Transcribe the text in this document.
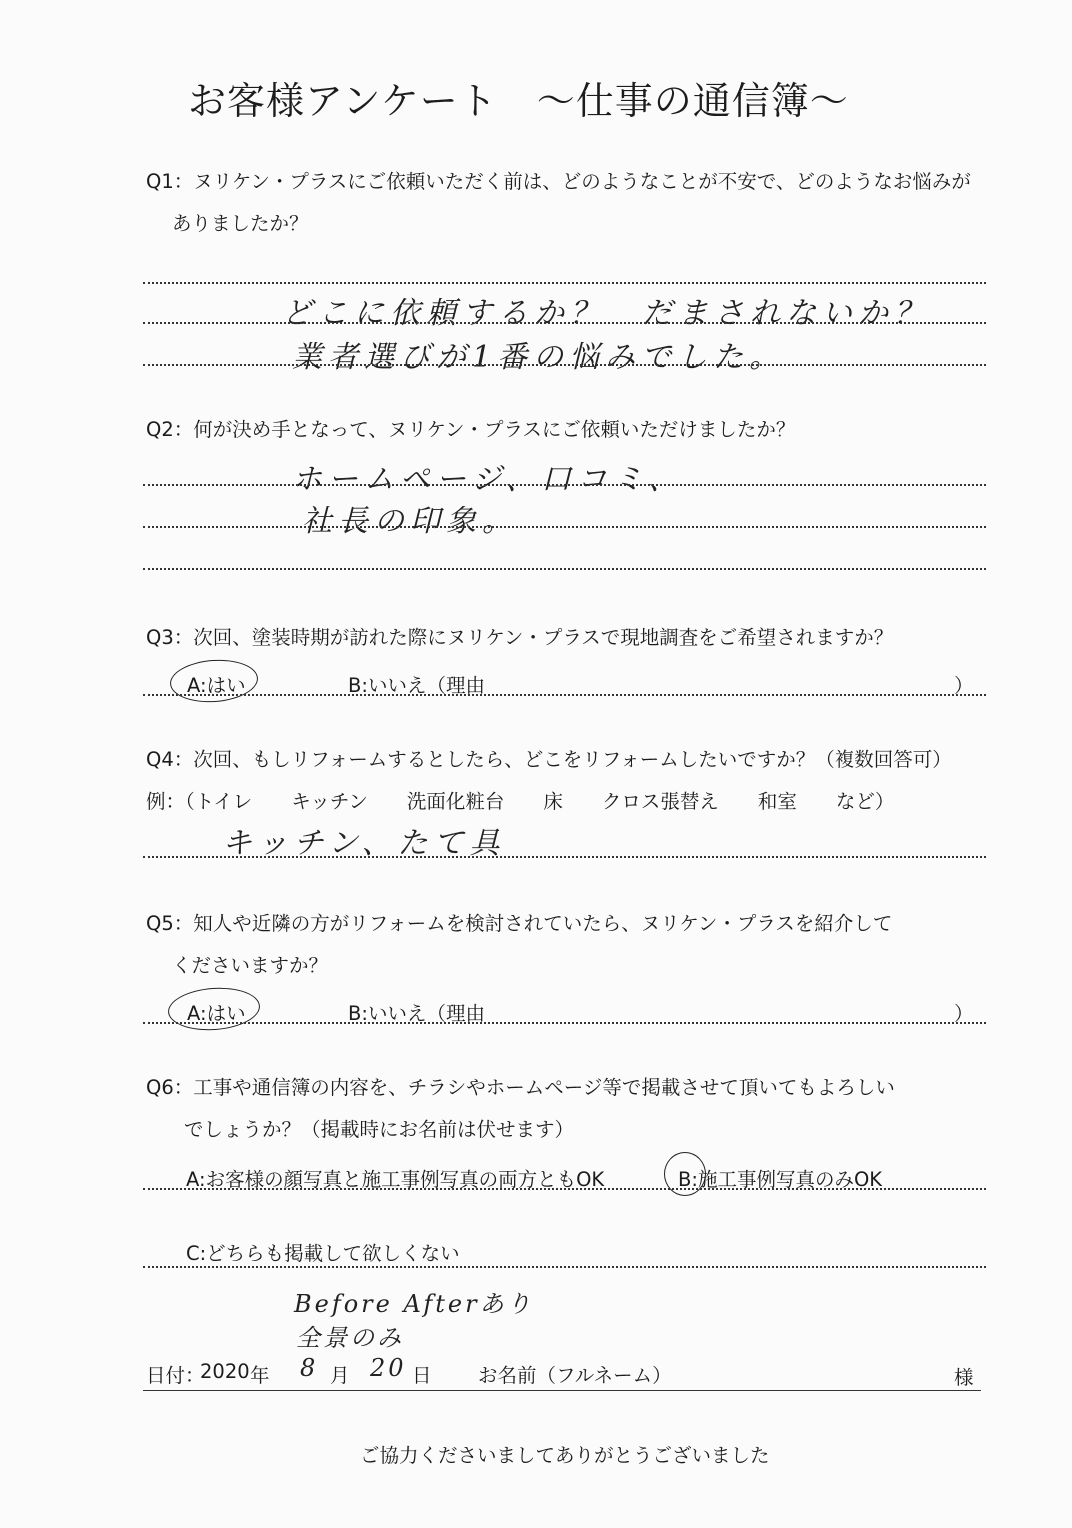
お客様アンケート　～仕事の通信簿～
Q1：ヌリケン・プラスにご依頼いただく前は、どのようなことが不安で、どのようなお悩みが
ありましたか？
どこに依頼するか？　だまされないか？
業者選びが1番の悩みでした。
Q2：何が決め手となって、ヌリケン・プラスにご依頼いただけましたか？
ホームページ、口コミ、
社長の印象。
Q3：次回、塗装時期が訪れた際にヌリケン・プラスで現地調査をご希望されますか？
A:はい	B:いいえ（理由	）
Q4：次回、もしリフォームするとしたら、どこをリフォームしたいですか？（複数回答可）
例：（トイレ　　キッチン　　洗面化粧台　　床　　クロス張替え　　和室　　など）
キッチン、たて具
Q5：知人や近隣の方がリフォームを検討されていたら、ヌリケン・プラスを紹介して
くださいますか？
A:はい	B:いいえ（理由	）
Q6：工事や通信簿の内容を、チラシやホームページ等で掲載させて頂いてもよろしい
でしょうか？（掲載時にお名前は伏せます）
A:お客様の顔写真と施工事例写真の両方ともOK	B:施工事例写真のみOK
C:どちらも掲載して欲しくない
Before Afterあり
全景のみ
日付：
2020 年 8 月 20 日 お名前（フルネーム）	様
ご協力くださいましてありがとうございました
